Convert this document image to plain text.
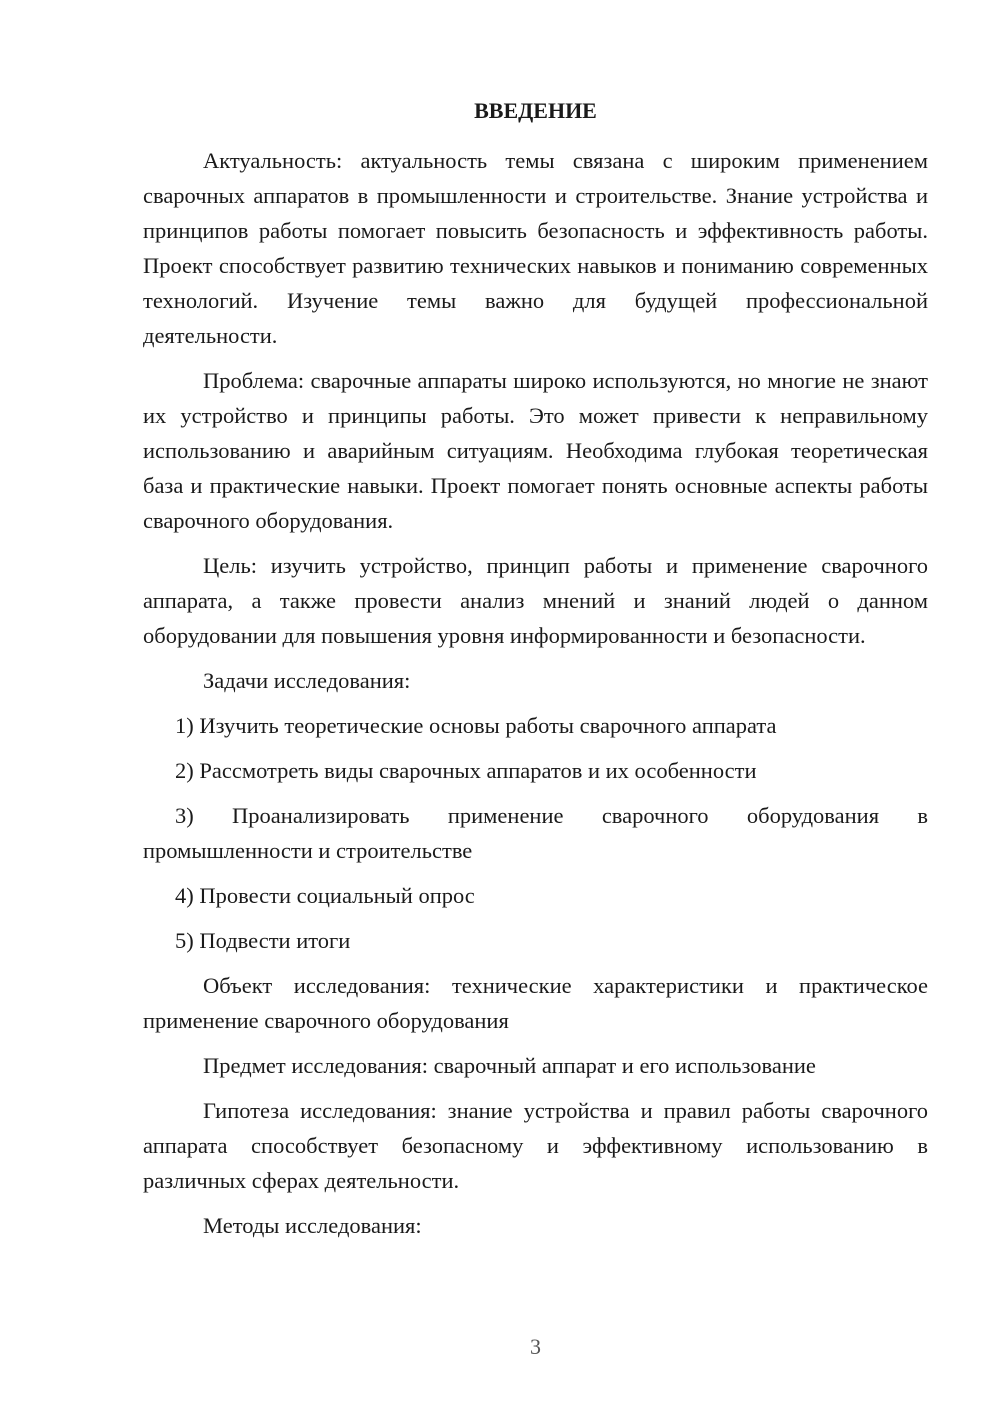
ВВЕДЕНИЕ

Актуальность: актуальность темы связана с широким применением сварочных аппаратов в промышленности и строительстве. Знание устройства и принципов работы помогает повысить безопасность и эффективность работы. Проект способствует развитию технических навыков и пониманию современных технологий. Изучение темы важно для будущей профессиональной деятельности.

Проблема: сварочные аппараты широко используются, но многие не знают их устройство и принципы работы. Это может привести к неправильному использованию и аварийным ситуациям. Необходима глубокая теоретическая база и практические навыки. Проект помогает понять основные аспекты работы сварочного оборудования.

Цель: изучить устройство, принцип работы и применение сварочного аппарата, а также провести анализ мнений и знаний людей о данном оборудовании для повышения уровня информированности и безопасности.

Задачи исследования:

1) Изучить теоретические основы работы сварочного аппарата

2) Рассмотреть виды сварочных аппаратов и их особенности

3) Проанализировать применение сварочного оборудования в промышленности и строительстве

4) Провести социальный опрос

5) Подвести итоги

Объект исследования: технические характеристики и практическое применение сварочного оборудования

Предмет исследования: сварочный аппарат и его использование

Гипотеза исследования: знание устройства и правил работы сварочного аппарата способствует безопасному и эффективному использованию в различных сферах деятельности.

Методы исследования:

3
